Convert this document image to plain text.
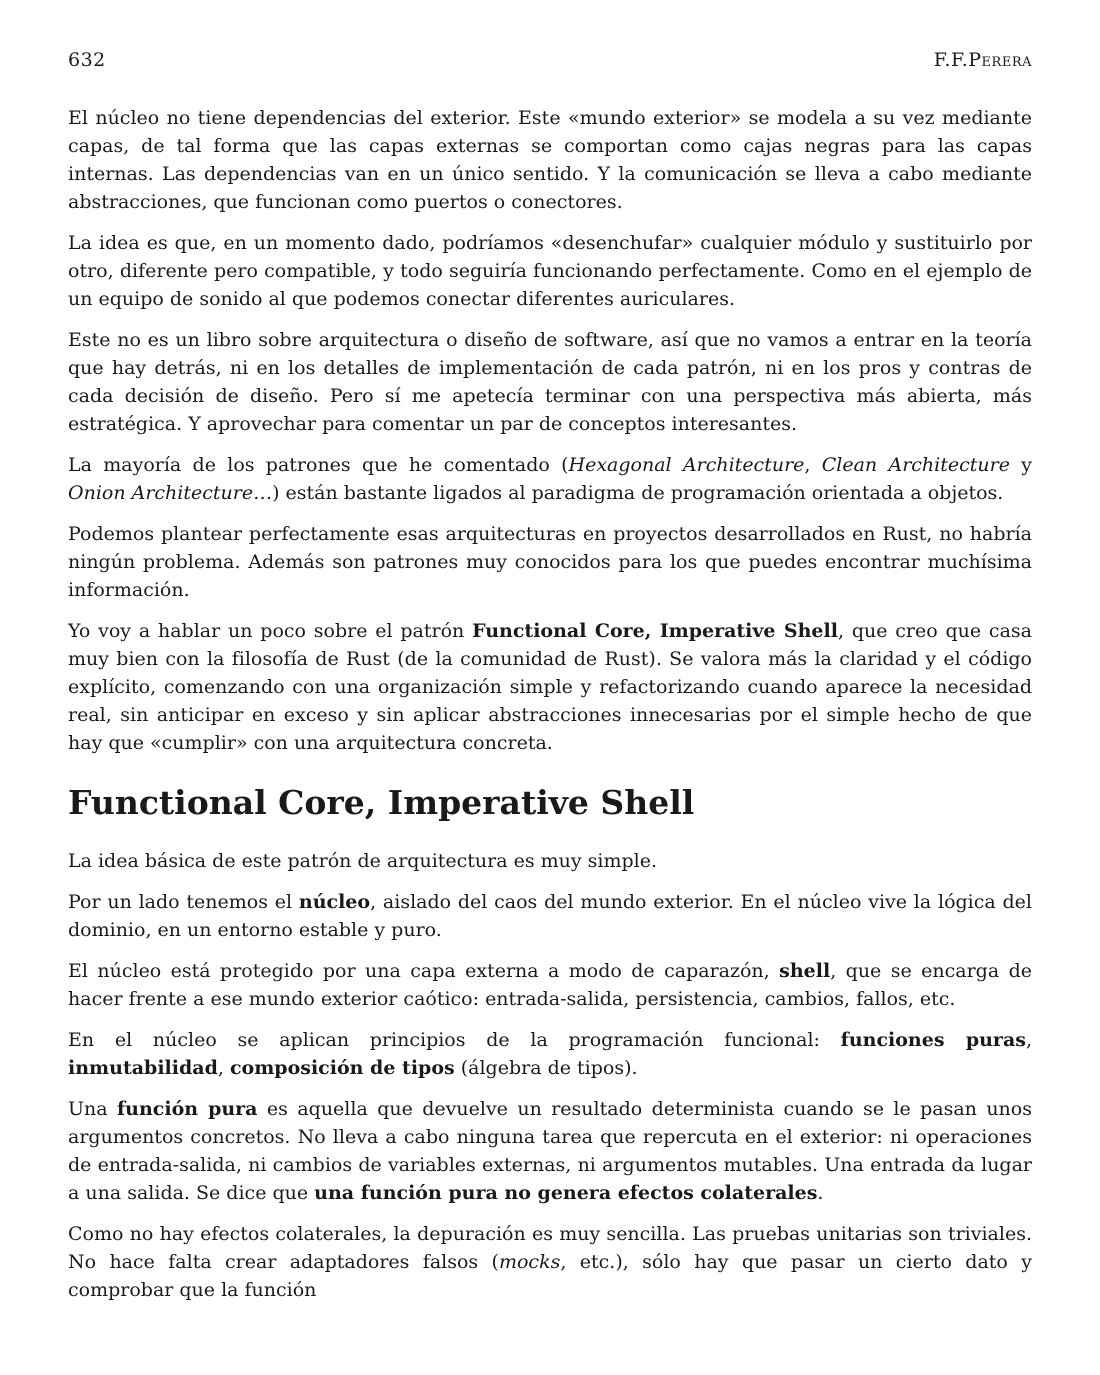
632	F.F.Perera

El núcleo no tiene dependencias del exterior. Este «mundo exterior» se modela a su vez mediante capas, de tal forma que las capas externas se comportan como cajas negras para las capas internas. Las dependencias van en un único sentido. Y la comunicación se lleva a cabo mediante abstracciones, que funcionan como puertos o conectores.

La idea es que, en un momento dado, podríamos «desenchufar» cualquier módulo y sustituirlo por otro, diferente pero compatible, y todo seguiría funcionando perfectamente. Como en el ejemplo de un equipo de sonido al que podemos conectar diferentes auriculares.

Este no es un libro sobre arquitectura o diseño de software, así que no vamos a entrar en la teoría que hay detrás, ni en los detalles de implementación de cada patrón, ni en los pros y contras de cada decisión de diseño. Pero sí me apetecía terminar con una perspectiva más abierta, más estratégica. Y aprovechar para comentar un par de conceptos interesantes.

La mayoría de los patrones que he comentado (Hexagonal Architecture, Clean Architecture y Onion Architecture…) están bastante ligados al paradigma de programación orientada a objetos.

Podemos plantear perfectamente esas arquitecturas en proyectos desarrollados en Rust, no habría ningún problema. Además son patrones muy conocidos para los que puedes encontrar muchísima información.

Yo voy a hablar un poco sobre el patrón Functional Core, Imperative Shell, que creo que casa muy bien con la filosofía de Rust (de la comunidad de Rust). Se valora más la claridad y el código explícito, comenzando con una organización simple y refactorizando cuando aparece la necesidad real, sin anticipar en exceso y sin aplicar abstracciones innecesarias por el simple hecho de que hay que «cumplir» con una arquitectura concreta.

Functional Core, Imperative Shell

La idea básica de este patrón de arquitectura es muy simple.

Por un lado tenemos el núcleo, aislado del caos del mundo exterior. En el núcleo vive la lógica del dominio, en un entorno estable y puro.

El núcleo está protegido por una capa externa a modo de caparazón, shell, que se encarga de hacer frente a ese mundo exterior caótico: entrada-salida, persistencia, cambios, fallos, etc.

En el núcleo se aplican principios de la programación funcional: funciones puras, inmutabilidad, composición de tipos (álgebra de tipos).

Una función pura es aquella que devuelve un resultado determinista cuando se le pasan unos argumentos concretos. No lleva a cabo ninguna tarea que repercuta en el exterior: ni operaciones de entrada-salida, ni cambios de variables externas, ni argumentos mutables. Una entrada da lugar a una salida. Se dice que una función pura no genera efectos colaterales.

Como no hay efectos colaterales, la depuración es muy sencilla. Las pruebas unitarias son triviales. No hace falta crear adaptadores falsos (mocks, etc.), sólo hay que pasar un cierto dato y comprobar que la función
